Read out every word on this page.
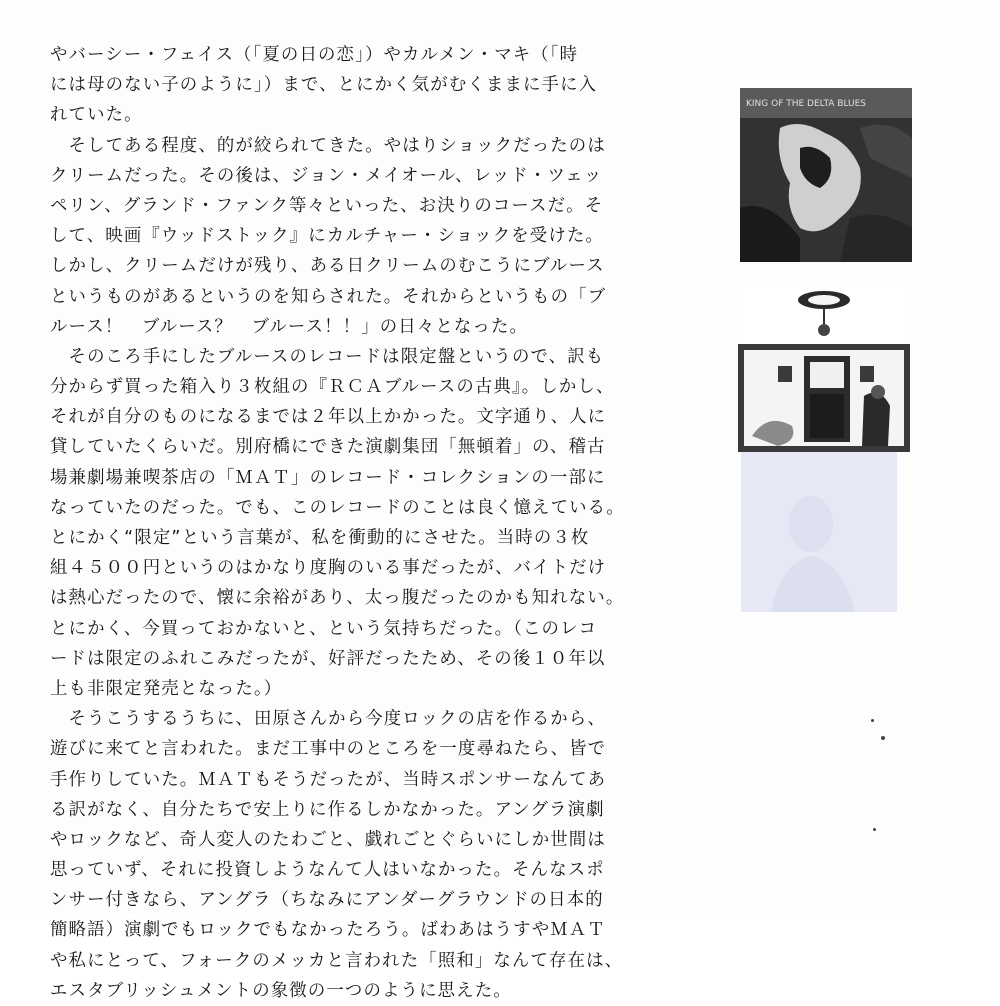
やバーシー・フェイス（「夏の日の恋」）やカルメン・マキ（「時
には母のない子のように」）まで、とにかく気がむくままに手に入
れていた。
　そしてある程度、的が絞られてきた。やはりショックだったのは
クリームだった。その後は、ジョン・メイオール、レッド・ツェッ
ペリン、グランド・ファンク等々といった、お決りのコースだ。そ
して、映画『ウッドストック』にカルチャー・ショックを受けた。
しかし、クリームだけが残り、ある日クリームのむこうにブルース
というものがあるというのを知らされた。それからというもの「ブ
ルース！　ブルース？　ブルース！！」の日々となった。
　そのころ手にしたブルースのレコードは限定盤というので、訳も
分からず買った箱入り３枚組の『ＲＣＡブルースの古典』。しかし、
それが自分のものになるまでは２年以上かかった。文字通り、人に
貸していたくらいだ。別府橋にできた演劇集団「無頓着」の、稽古
場兼劇場兼喫茶店の「ＭＡＴ」のレコード・コレクションの一部に
なっていたのだった。でも、このレコードのことは良く憶えている。
とにかく“限定”という言葉が、私を衝動的にさせた。当時の３枚
組４５００円というのはかなり度胸のいる事だったが、バイトだけ
は熱心だったので、懐に余裕があり、太っ腹だったのかも知れない。
とにかく、今買っておかないと、という気持ちだった。（このレコ
ードは限定のふれこみだったが、好評だったため、その後１０年以
上も非限定発売となった。）
　そうこうするうちに、田原さんから今度ロックの店を作るから、
遊びに来てと言われた。まだ工事中のところを一度尋ねたら、皆で
手作りしていた。ＭＡＴもそうだったが、当時スポンサーなんてあ
る訳がなく、自分たちで安上りに作るしかなかった。アングラ演劇
やロックなど、奇人変人のたわごと、戯れごとぐらいにしか世間は
思っていず、それに投資しようなんて人はいなかった。そんなスポ
ンサー付きなら、アングラ（ちなみにアンダーグラウンドの日本的
簡略語）演劇でもロックでもなかったろう。ばわあはうすやＭＡＴ
や私にとって、フォークのメッカと言われた「照和」なんて存在は、
エスタブリッシュメントの象徴の一つのように思えた。
KING OF THE DELTA BLUES
